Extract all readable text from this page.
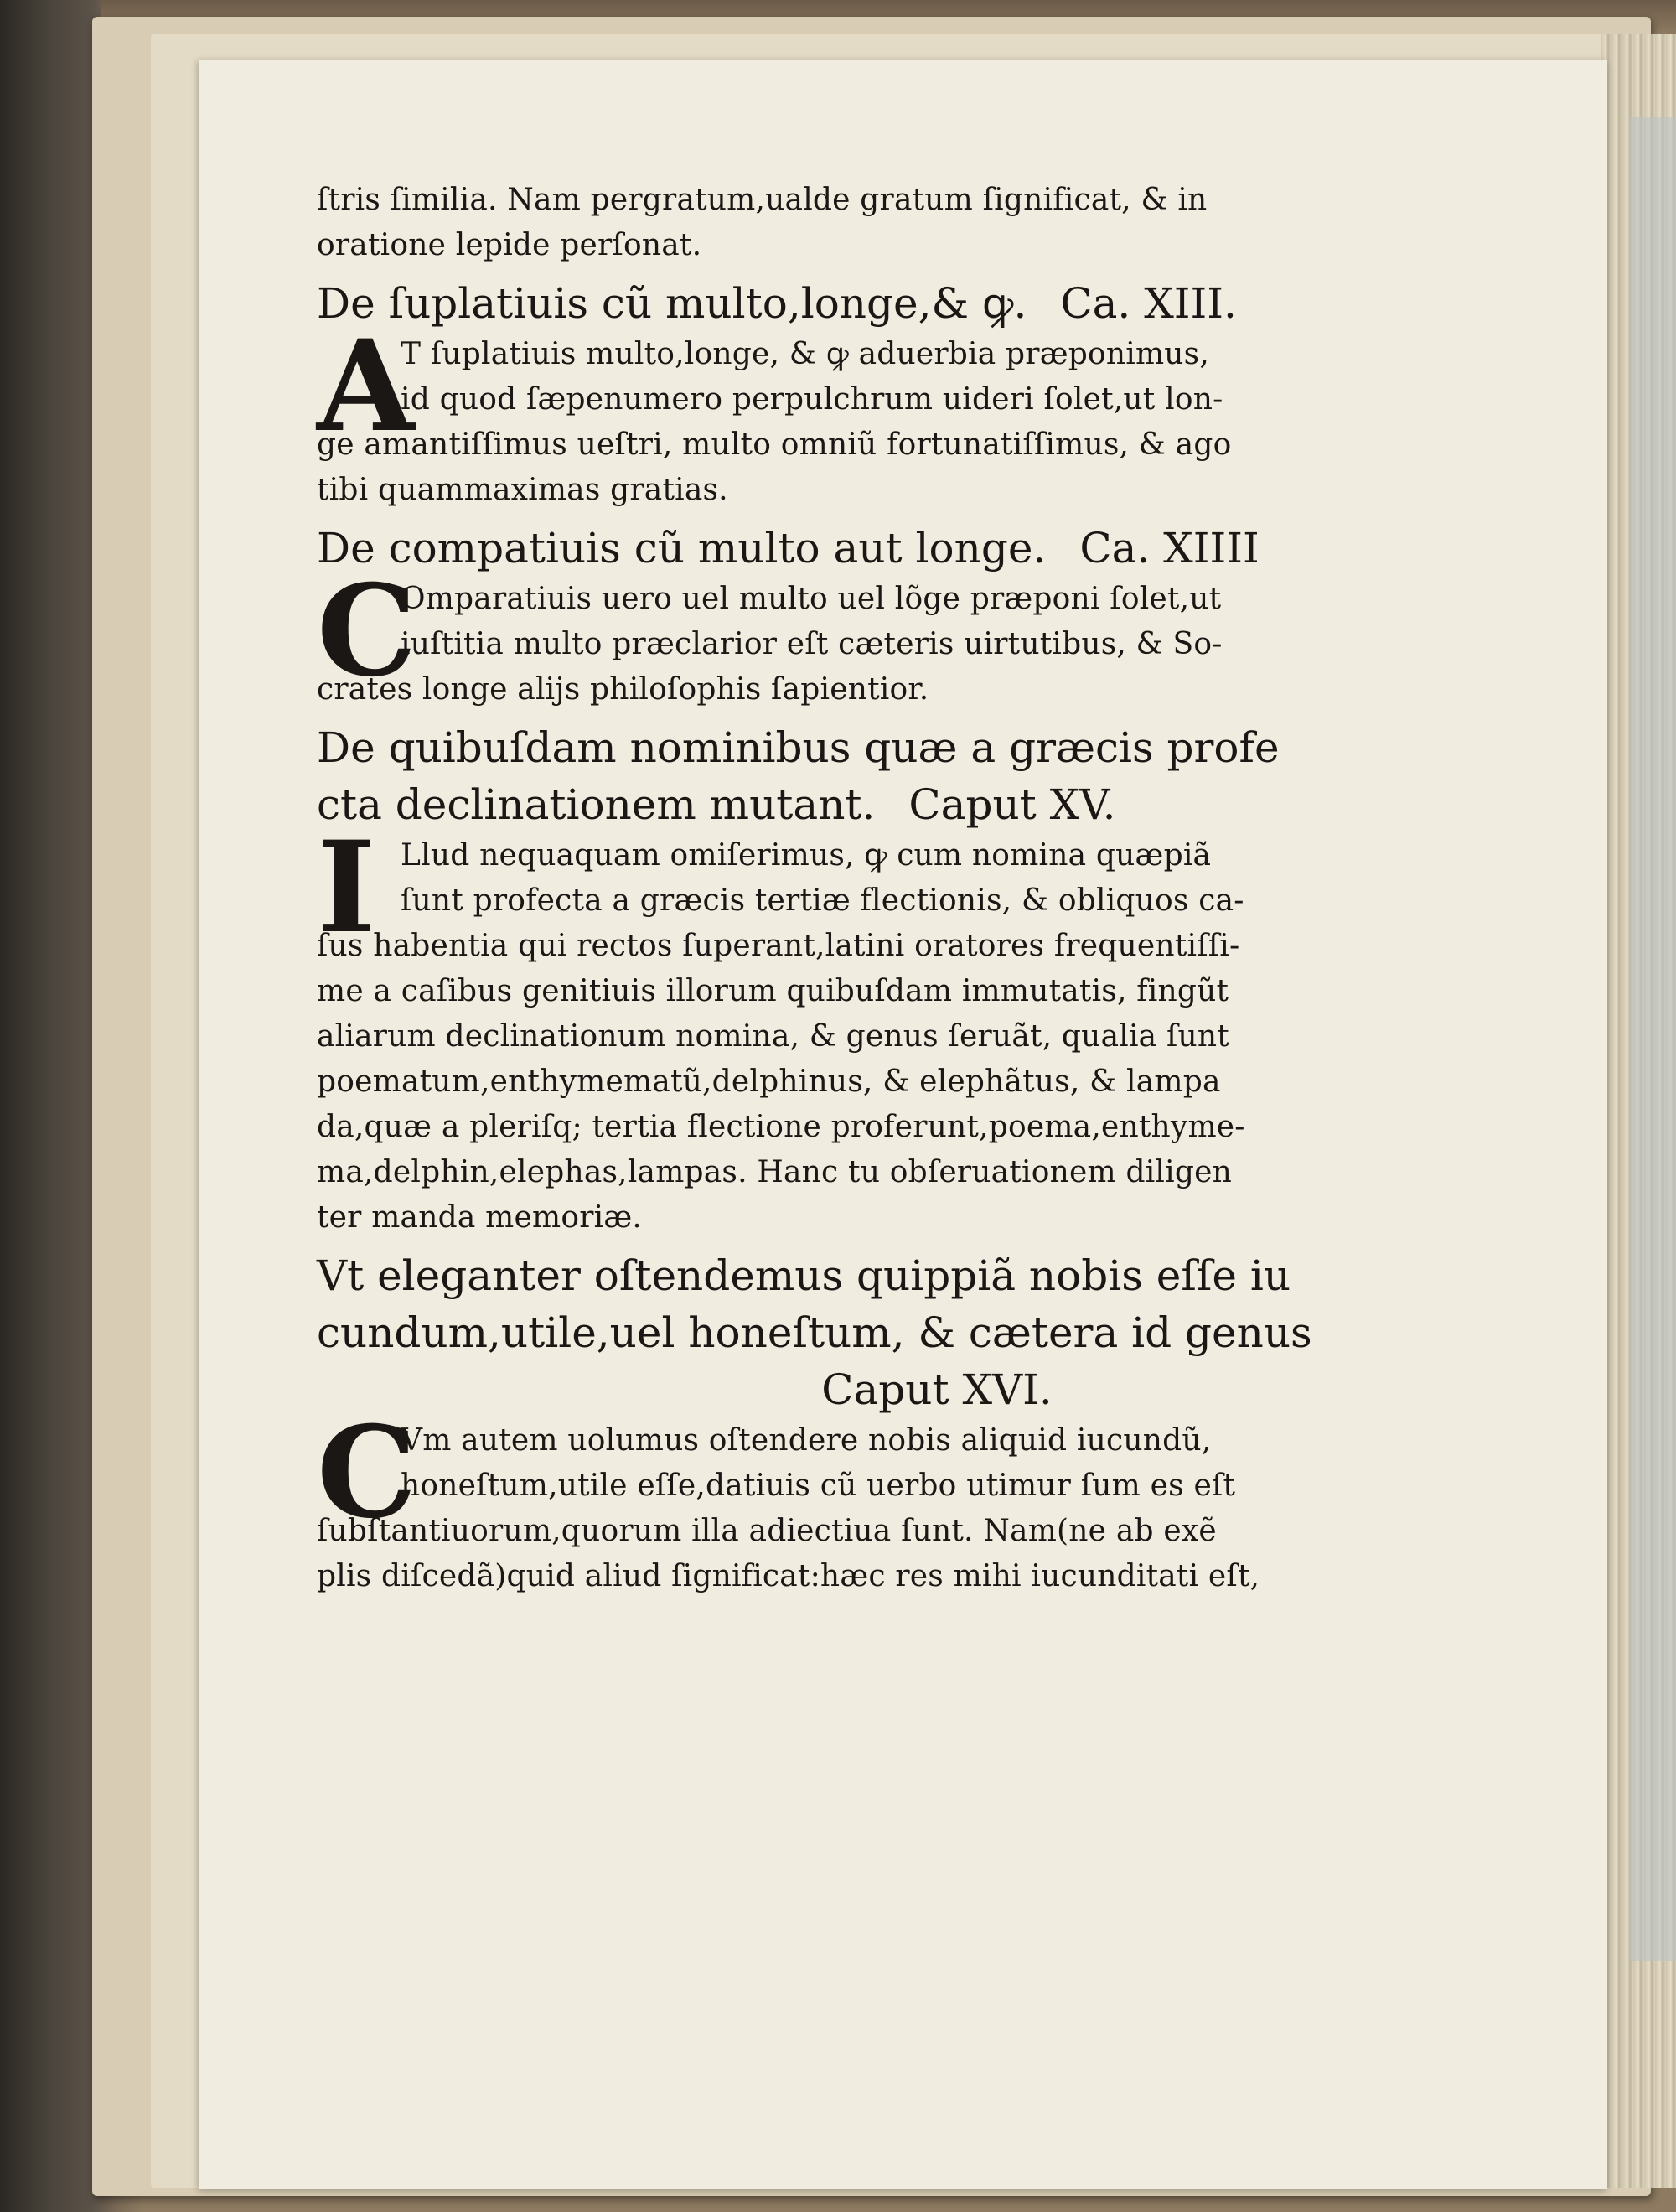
ſtris ſimilia. Nam pergratum,ualde gratum ſignificat, & in

oratione lepide perſonat.

De ſuplatiuis cũ multo,longe,& ꝙ. Ca. XIII.

A

T ſuplatiuis multo,longe, & ꝙ aduerbia præponimus,

id quod ſæpenumero perpulchrum uideri ſolet,ut lon-

ge amantiſſimus ueſtri, multo omniũ fortunatiſſimus, & ago

tibi quammaximas gratias.

De compatiuis cũ multo aut longe. Ca. XIIII

C

Omparatiuis uero uel multo uel lõge præponi ſolet,ut

iuſtitia multo præclarior eſt cæteris uirtutibus, & So-

crates longe alijs philoſophis ſapientior.

De quibuſdam nominibus quæ a græcis profe

cta declinationem mutant. Caput XV.

I Llud nequaquam omiſerimus, ꝙ cum nomina quæpiã

ſunt profecta a græcis tertiæ flectionis, & obliquos ca-

ſus habentia qui rectos ſuperant,latini oratores frequentiſſi-

me a caſibus genitiuis illorum quibuſdam immutatis, fingũt

aliarum declinationum nomina, & genus ſeruãt, qualia ſunt

poematum,enthymematũ,delphinus, & elephãtus, & lampa

da,quæ a pleriſq; tertia flectione proferunt,poema,enthyme-

ma,delphin,elephas,lampas. Hanc tu obſeruationem diligen

ter manda memoriæ.

Vt eleganter oſtendemus quippiã nobis eſſe iu

cundum,utile,uel honeſtum, & cætera id genus

Caput XVI.

C

Vm autem uolumus oſtendere nobis aliquid iucundũ,

honeſtum,utile eſſe,datiuis cũ uerbo utimur ſum es eſt

ſubſtantiuorum,quorum illa adiectiua ſunt. Nam(ne ab exẽ

plis diſcedã)quid aliud ſignificat:hæc res mihi iucunditati eſt,
